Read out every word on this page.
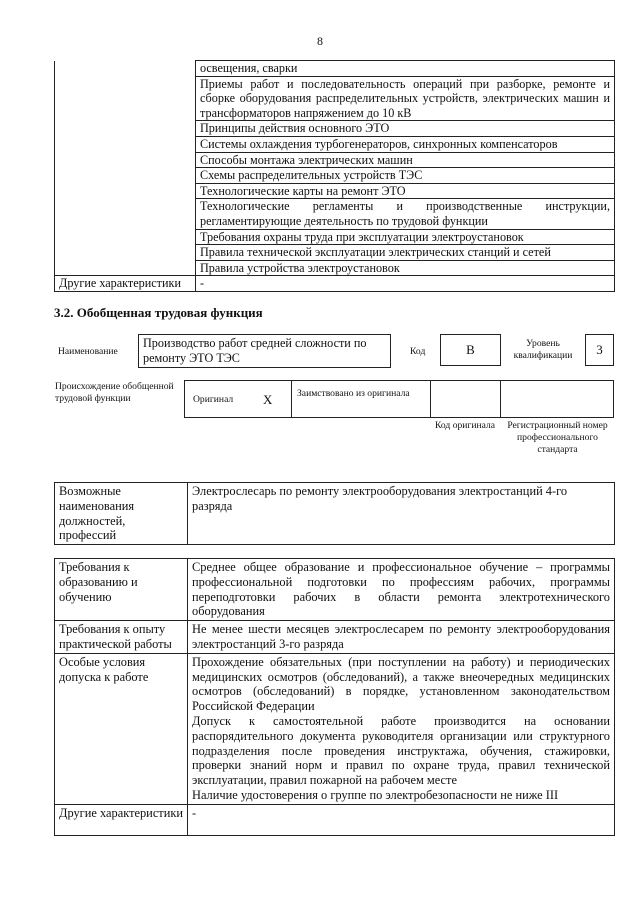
8
	освещения, сварки
	Приемы работ и последовательность операций при разборке, ремонте и сборке оборудования распределительных устройств, электрических машин и трансформаторов напряжением до 10 кВ
	Принципы действия основного ЭТО
	Системы охлаждения турбогенераторов, синхронных компенсаторов
	Способы монтажа электрических машин
	Схемы распределительных устройств ТЭС
	Технологические карты на ремонт ЭТО
	Технологические регламенты и производственные инструкции, регламентирующие деятельность по трудовой функции
	Требования охраны труда при эксплуатации электроустановок
	Правила технической эксплуатации электрических станций и сетей
	Правила устройства электроустановок
Другие характеристики	-
3.2. Обобщенная трудовая функция
Наименование
Производство работ средней сложности по ремонту ЭТО ТЭС	Код	В	Уровень квалификации	3
Происхождение обобщенной трудовой функции	Оригинал X	Заимствовано из оригинала
Код оригинала	Регистрационный номер профессионального стандарта
Возможные наименования должностей, профессий	Электрослесарь по ремонту электрооборудования электростанций 4-го разряда
Требования к образованию и обучению	Среднее общее образование и профессиональное обучение – программы профессиональной подготовки по профессиям рабочих, программы переподготовки рабочих в области ремонта электротехнического оборудования
Требования к опыту практической работы	Не менее шести месяцев электрослесарем по ремонту электрооборудования электростанций 3-го разряда
Особые условия допуска к работе	Прохождение обязательных (при поступлении на работу) и периодических медицинских осмотров (обследований), а также внеочередных медицинских осмотров (обследований) в порядке, установленном законодательством Российской Федерации
Допуск к самостоятельной работе производится на основании распорядительного документа руководителя организации или структурного подразделения после проведения инструктажа, обучения, стажировки, проверки знаний норм и правил по охране труда, правил технической эксплуатации, правил пожарной на рабочем месте
Наличие удостоверения о группе по электробезопасности не ниже III

Другие характеристики	-
